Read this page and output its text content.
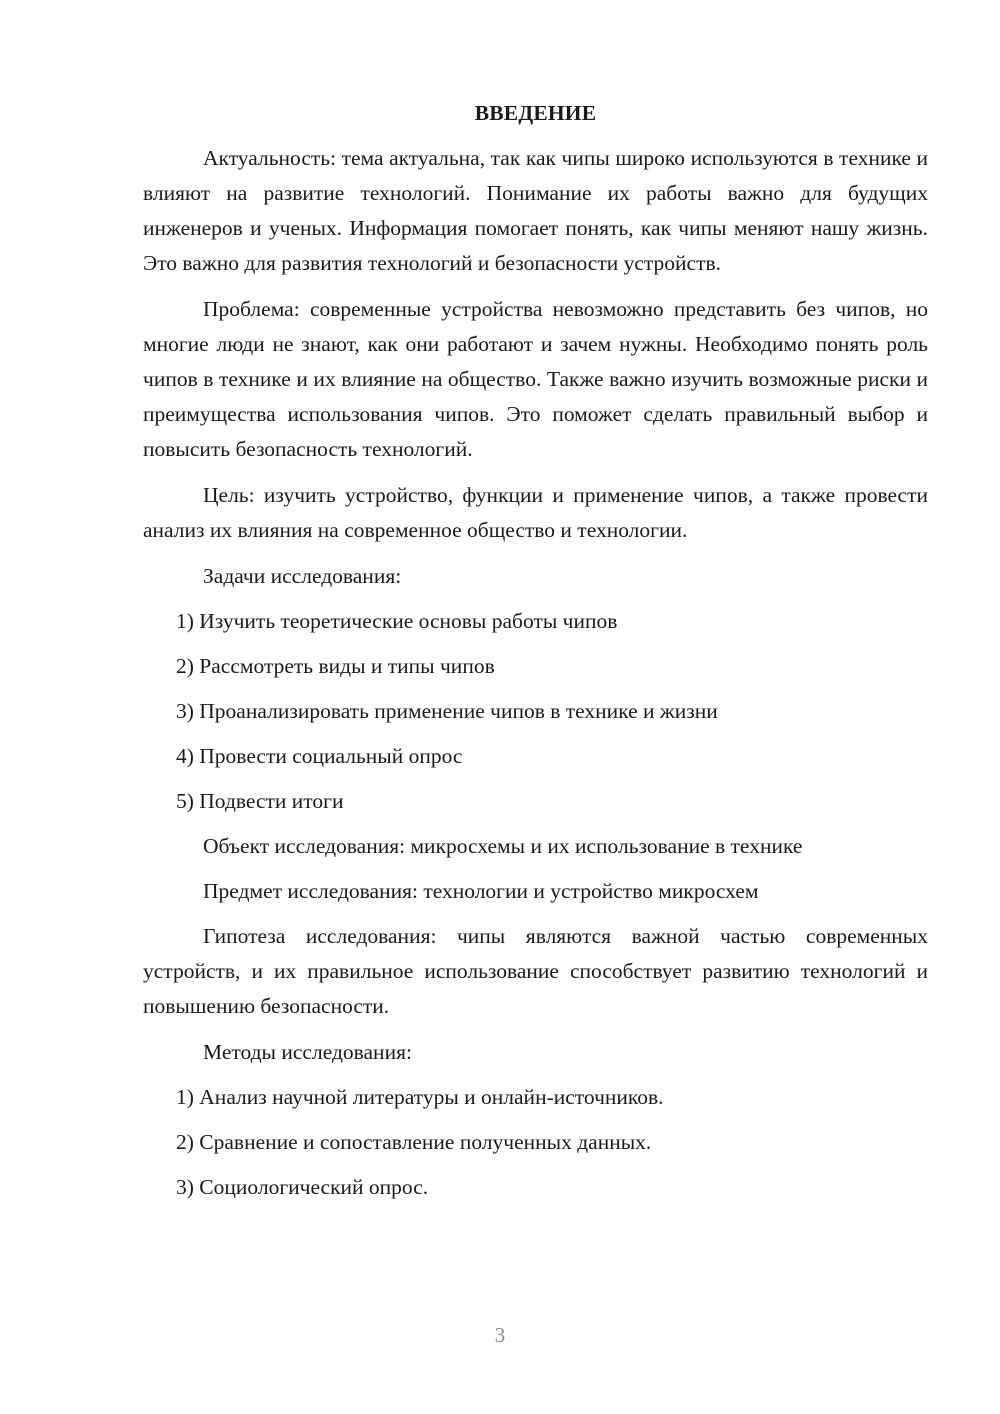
ВВЕДЕНИЕ

Актуальность: тема актуальна, так как чипы широко используются в технике и влияют на развитие технологий. Понимание их работы важно для будущих инженеров и ученых. Информация помогает понять, как чипы меняют нашу жизнь. Это важно для развития технологий и безопасности устройств.

Проблема: современные устройства невозможно представить без чипов, но многие люди не знают, как они работают и зачем нужны. Необходимо понять роль чипов в технике и их влияние на общество. Также важно изучить возможные риски и преимущества использования чипов. Это поможет сделать правильный выбор и повысить безопасность технологий.

Цель: изучить устройство, функции и применение чипов, а также провести анализ их влияния на современное общество и технологии.

Задачи исследования:
1) Изучить теоретические основы работы чипов
2) Рассмотреть виды и типы чипов
3) Проанализировать применение чипов в технике и жизни
4) Провести социальный опрос
5) Подвести итоги
Объект исследования: микросхемы и их использование в технике
Предмет исследования: технологии и устройство микросхем

Гипотеза исследования: чипы являются важной частью современных устройств, и их правильное использование способствует развитию технологий и повышению безопасности.

Методы исследования:
1) Анализ научной литературы и онлайн-источников.
2) Сравнение и сопоставление полученных данных.
3) Социологический опрос.
3
